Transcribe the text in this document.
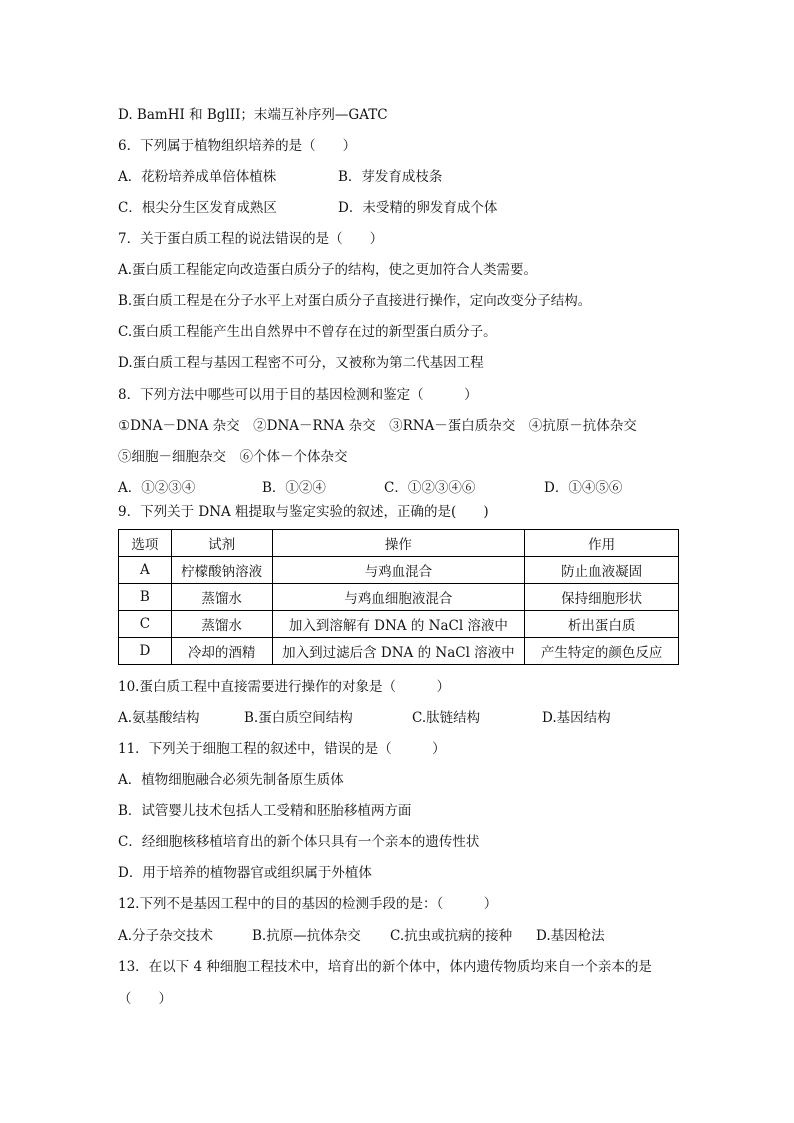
D. BamHI 和 BglII；末端互补序列—GATC
6．下列属于植物组织培养的是（　　）
A．花粉培养成单倍体植株	B．芽发育成枝条
C．根尖分生区发育成熟区	D．未受精的卵发育成个体
7．关于蛋白质工程的说法错误的是（　　）
A.蛋白质工程能定向改造蛋白质分子的结构，使之更加符合人类需要。
B.蛋白质工程是在分子水平上对蛋白质分子直接进行操作，定向改变分子结构。
C.蛋白质工程能产生出自然界中不曾存在过的新型蛋白质分子。
D.蛋白质工程与基因工程密不可分，又被称为第二代基因工程
8．下列方法中哪些可以用于目的基因检测和鉴定（　　　）
①DNA－DNA 杂交　②DNA－RNA 杂交　③RNA－蛋白质杂交　④抗原－抗体杂交
⑤细胞－细胞杂交　⑥个体－个体杂交
A．①②③④	B．①②④	C．①②③④⑥	D．①④⑤⑥
9．下列关于 DNA 粗提取与鉴定实验的叙述，正确的是(　　)
选项	试剂	操作	作用
A	柠檬酸钠溶液	与鸡血混合	防止血液凝固
B	蒸馏水	与鸡血细胞液混合	保持细胞形状
C	蒸馏水	加入到溶解有 DNA 的 NaCl 溶液中	析出蛋白质
D	冷却的酒精	加入到过滤后含 DNA 的 NaCl 溶液中	产生特定的颜色反应
10.蛋白质工程中直接需要进行操作的对象是（　　　）
A.氨基酸结构	B.蛋白质空间结构	C.肽链结构	D.基因结构
11．下列关于细胞工程的叙述中，错误的是（　　　）
A．植物细胞融合必须先制备原生质体
B．试管婴儿技术包括人工受精和胚胎移植两方面
C．经细胞核移植培育出的新个体只具有一个亲本的遗传性状
D．用于培养的植物器官或组织属于外植体
12.下列不是基因工程中的目的基因的检测手段的是：（　　　）
A.分子杂交技术	B.抗原—抗体杂交 C.抗虫或抗病的接种 D.基因枪法
13．在以下 4 种细胞工程技术中，培育出的新个体中，体内遗传物质均来自一个亲本的是
（　　）
